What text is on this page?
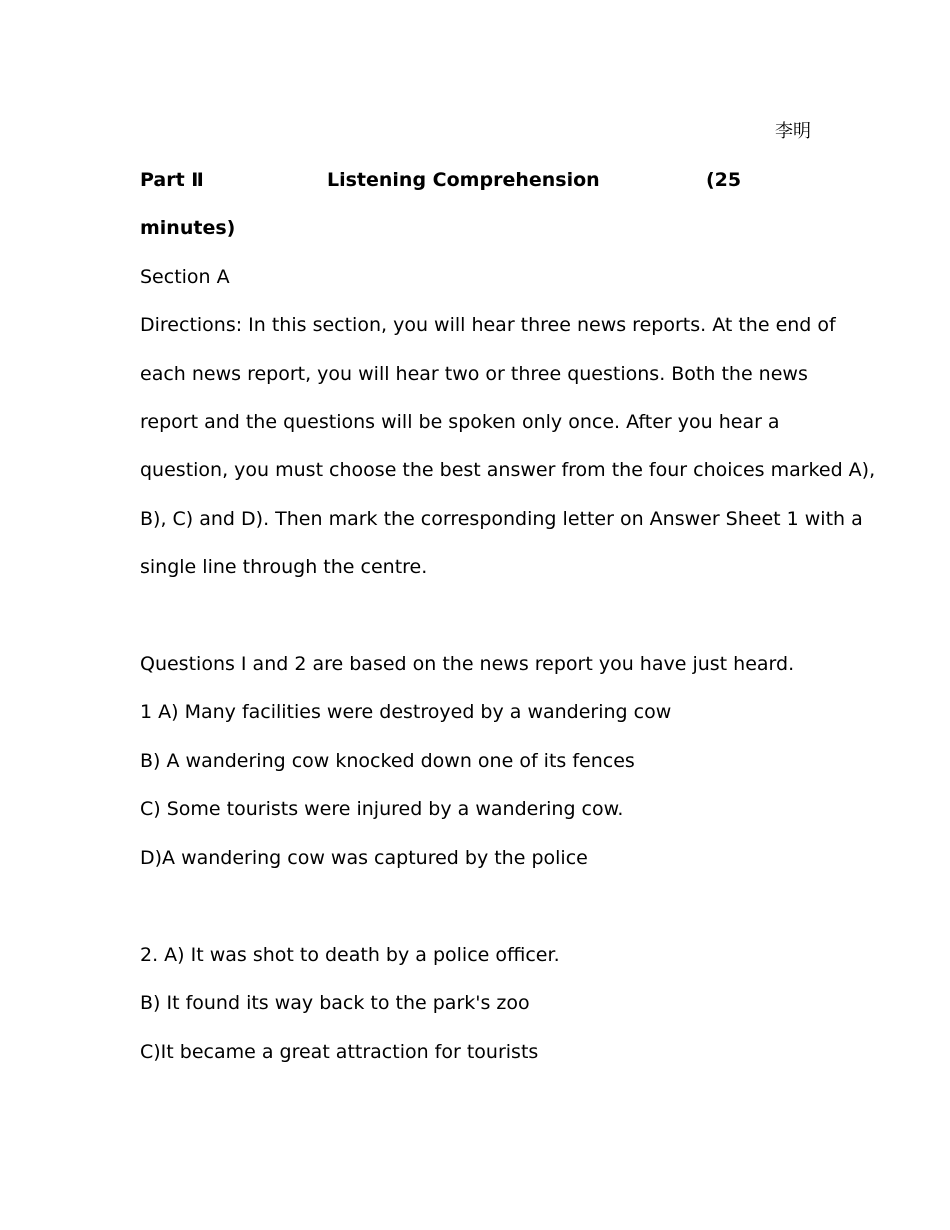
李明
Part Ⅱ	Listening Comprehension	(25
minutes)
Section A
Directions: In this section, you will hear three news reports. At the end of
each news report, you will hear two or three questions. Both the news
report and the questions will be spoken only once. After you hear a
question, you must choose the best answer from the four choices marked A),
B), C) and D). Then mark the corresponding letter on Answer Sheet 1 with a
single line through the centre.
Questions I and 2 are based on the news report you have just heard.
1 A) Many facilities were destroyed by a wandering cow
B) A wandering cow knocked down one of its fences
C) Some tourists were injured by a wandering cow.
D)A wandering cow was captured by the police
2. A) It was shot to death by a police officer.
B) It found its way back to the park's zoo
C)It became a great attraction for tourists
